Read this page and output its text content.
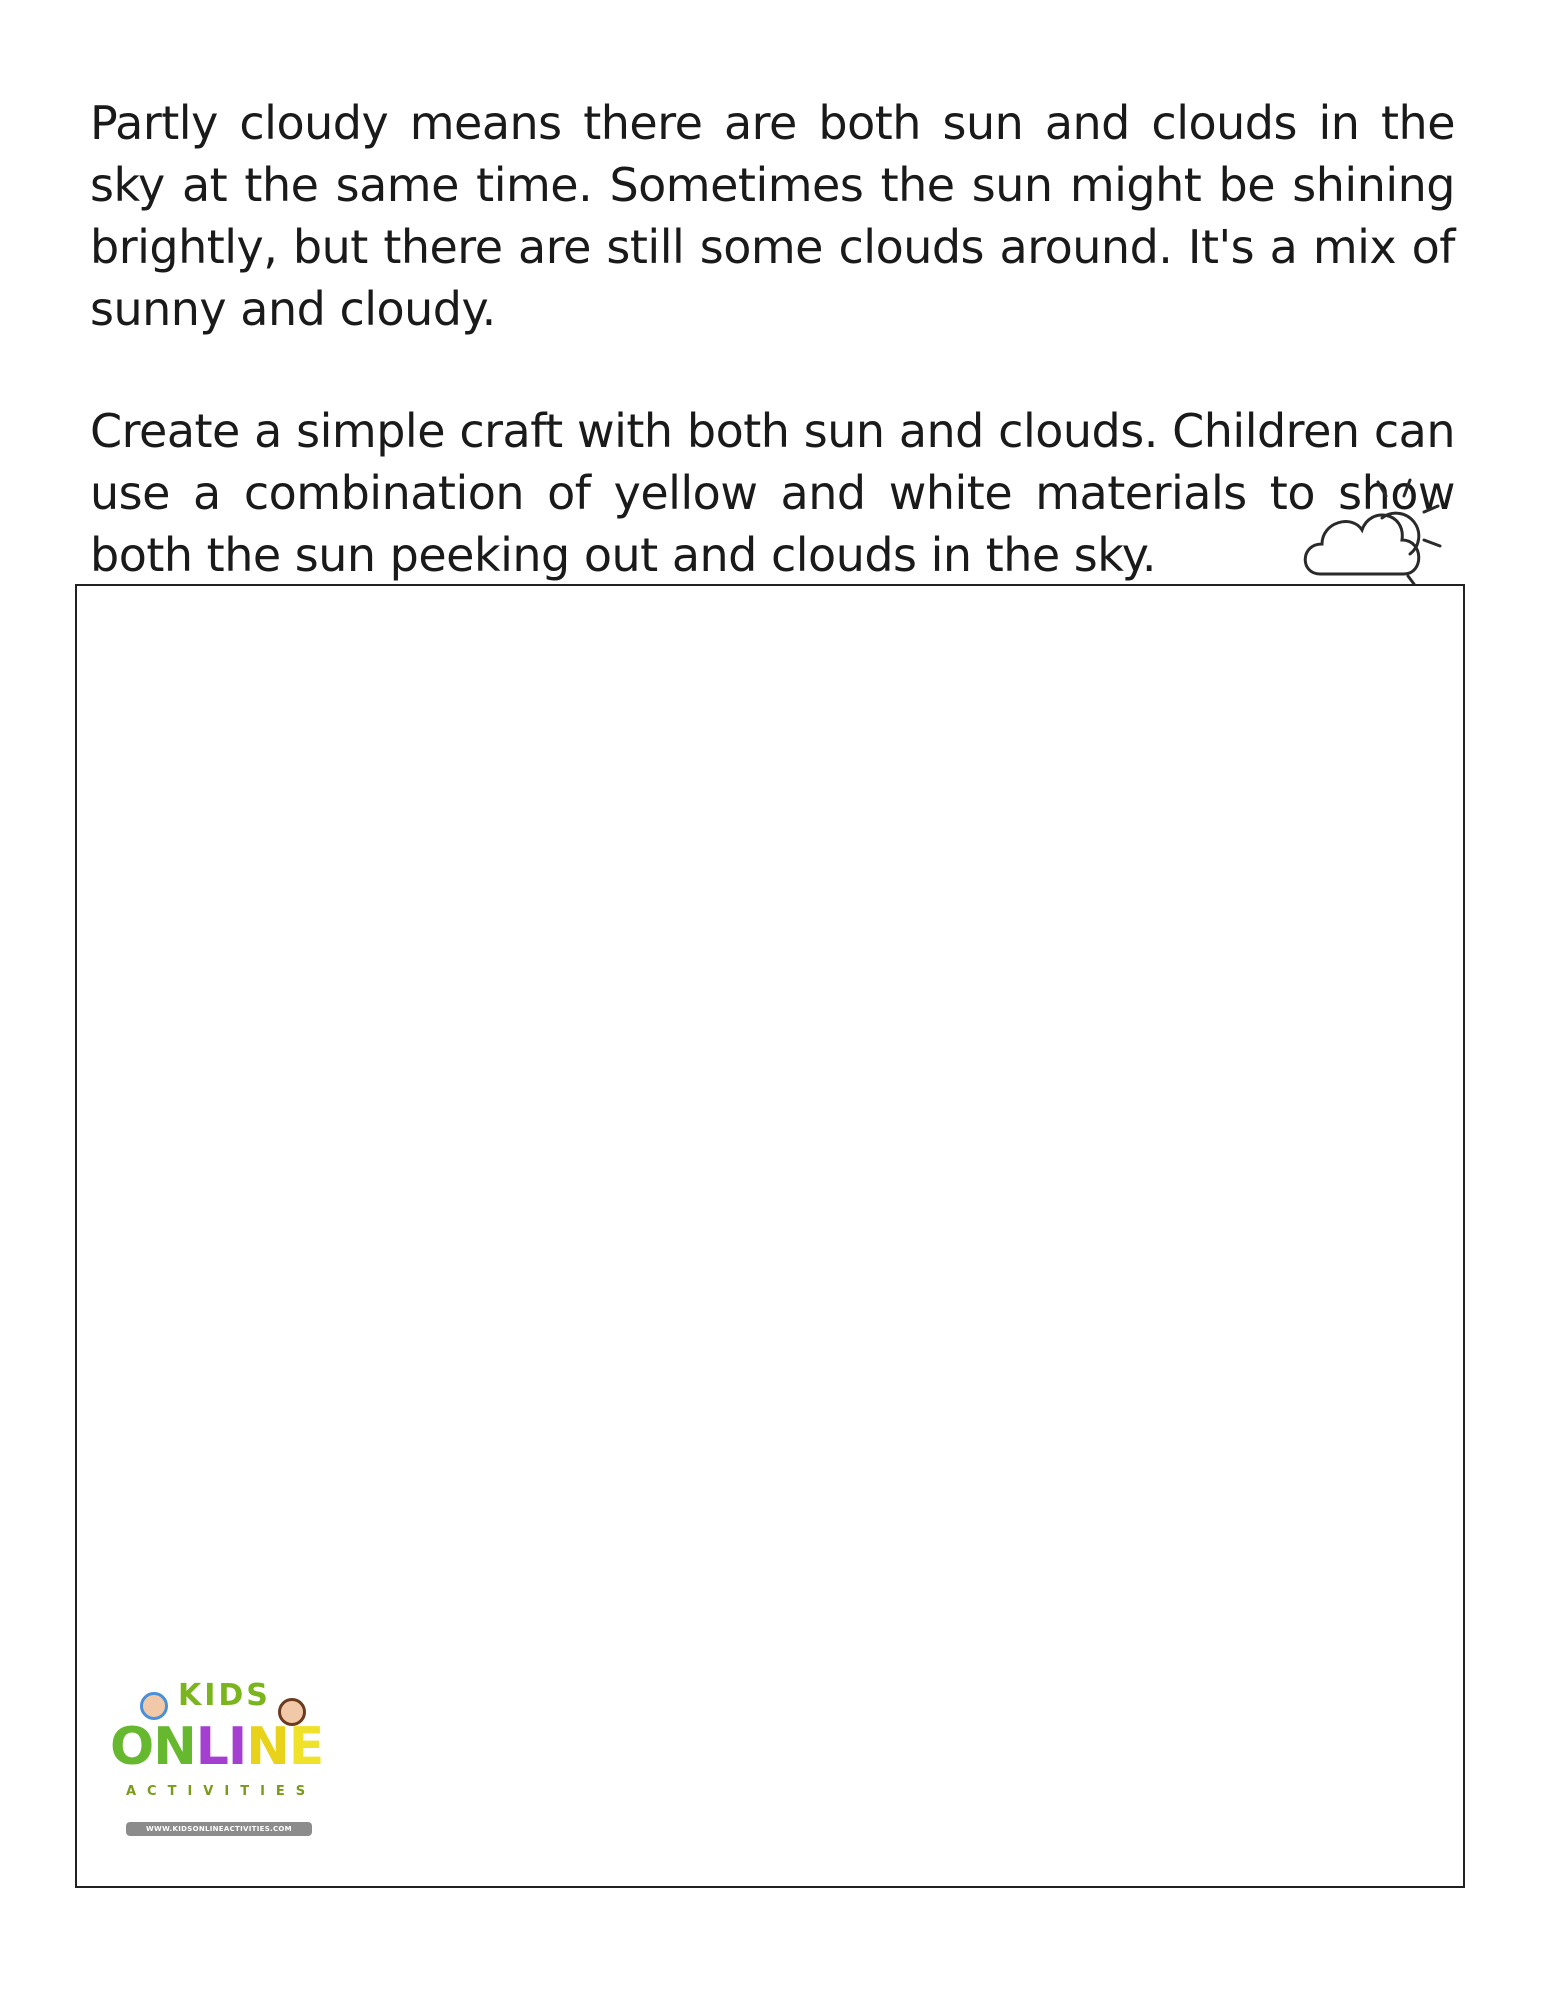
Partly cloudy means there are both sun and clouds in the sky at the same time. Sometimes the sun might be shining brightly, but there are still some clouds around. It's a mix of sunny and cloudy.

Create a simple craft with both sun and clouds. Children can use a combination of yellow and white materials to show both the sun peeking out and clouds in the sky.

KIDS
ONLINE
ACTIVITIES
WWW.KIDSONLINEACTIVITIES.COM
